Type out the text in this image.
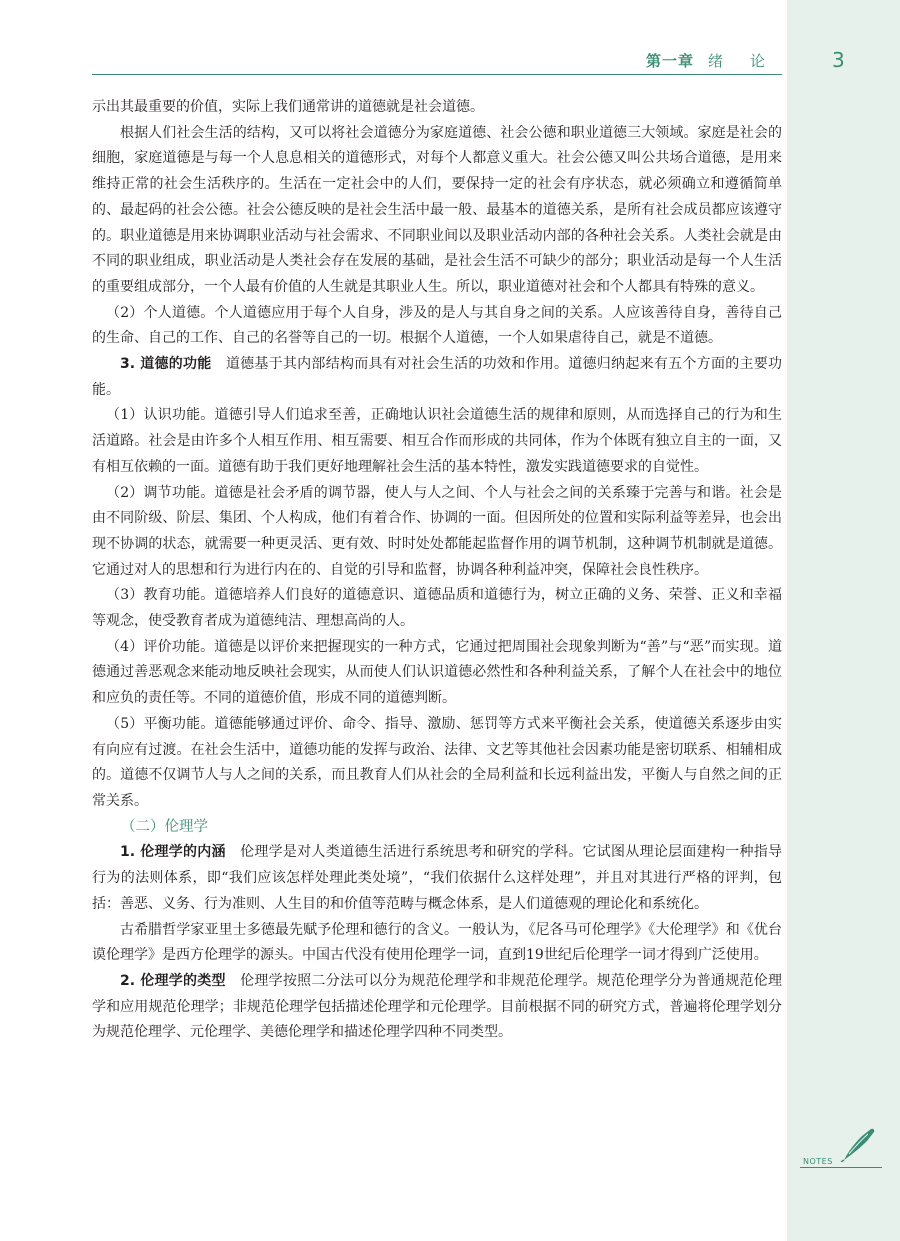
第一章 绪 论	3

示出其最重要的价值，实际上我们通常讲的道德就是社会道德。

根据人们社会生活的结构，又可以将社会道德分为家庭道德、社会公德和职业道德三大领域。家庭是社会的细胞，家庭道德是与每一个人息息相关的道德形式，对每个人都意义重大。社会公德又叫公共场合道德，是用来维持正常的社会生活秩序的。生活在一定社会中的人们，要保持一定的社会有序状态，就必须确立和遵循简单的、最起码的社会公德。社会公德反映的是社会生活中最一般、最基本的道德关系，是所有社会成员都应该遵守的。职业道德是用来协调职业活动与社会需求、不同职业间以及职业活动内部的各种社会关系。人类社会就是由不同的职业组成，职业活动是人类社会存在发展的基础，是社会生活不可缺少的部分；职业活动是每一个人生活的重要组成部分，一个人最有价值的人生就是其职业人生。所以，职业道德对社会和个人都具有特殊的意义。

（2）个人道德。个人道德应用于每个人自身，涉及的是人与其自身之间的关系。人应该善待自身，善待自己的生命、自己的工作、自己的名誉等自己的一切。根据个人道德，一个人如果虐待自己，就是不道德。

3. 道德的功能　 道德基于其内部结构而具有对社会生活的功效和作用。道德归纳起来有五个方面的主要功能。

（1）认识功能。道德引导人们追求至善，正确地认识社会道德生活的规律和原则，从而选择自己的行为和生活道路。社会是由许多个人相互作用、相互需要、相互合作而形成的共同体，作为个体既有独立自主的一面，又有相互依赖的一面。道德有助于我们更好地理解社会生活的基本特性，激发实践道德要求的自觉性。

（2）调节功能。道德是社会矛盾的调节器，使人与人之间、个人与社会之间的关系臻于完善与和谐。社会是由不同阶级、阶层、集团、个人构成，他们有着合作、协调的一面。但因所处的位置和实际利益等差异，也会出现不协调的状态，就需要一种更灵活、更有效、时时处处都能起监督作用的调节机制，这种调节机制就是道德。它通过对人的思想和行为进行内在的、自觉的引导和监督，协调各种利益冲突，保障社会良性秩序。

（3）教育功能。道德培养人们良好的道德意识、道德品质和道德行为，树立正确的义务、荣誉、正义和幸福等观念，使受教育者成为道德纯洁、理想高尚的人。

（4）评价功能。道德是以评价来把握现实的一种方式，它通过把周围社会现象判断为“善”与“恶”而实现。道德通过善恶观念来能动地反映社会现实，从而使人们认识道德必然性和各种利益关系，了解个人在社会中的地位和应负的责任等。不同的道德价值，形成不同的道德判断。

（5）平衡功能。道德能够通过评价、命令、指导、激励、惩罚等方式来平衡社会关系，使道德关系逐步由实有向应有过渡。在社会生活中，道德功能的发挥与政治、法律、文艺等其他社会因素功能是密切联系、相辅相成的。道德不仅调节人与人之间的关系，而且教育人们从社会的全局利益和长远利益出发，平衡人与自然之间的正常关系。

（二）伦理学

1. 伦理学的内涵　 伦理学是对人类道德生活进行系统思考和研究的学科。它试图从理论层面建构一种指导行为的法则体系，即“我们应该怎样处理此类处境”，“我们依据什么这样处理”，并且对其进行严格的评判，包括：善恶、义务、行为准则、人生目的和价值等范畴与概念体系，是人们道德观的理论化和系统化。

古希腊哲学家亚里士多德最先赋予伦理和德行的含义。一般认为，《尼各马可伦理学》《大伦理学》和《优台谟伦理学》是西方伦理学的源头。中国古代没有使用伦理学一词，直到19世纪后伦理学一词才得到广泛使用。

2. 伦理学的类型　 伦理学按照二分法可以分为规范伦理学和非规范伦理学。规范伦理学分为普通规范伦理学和应用规范伦理学；非规范伦理学包括描述伦理学和元伦理学。目前根据不同的研究方式，普遍将伦理学划分为规范伦理学、元伦理学、美德伦理学和描述伦理学四种不同类型。

NOTES
